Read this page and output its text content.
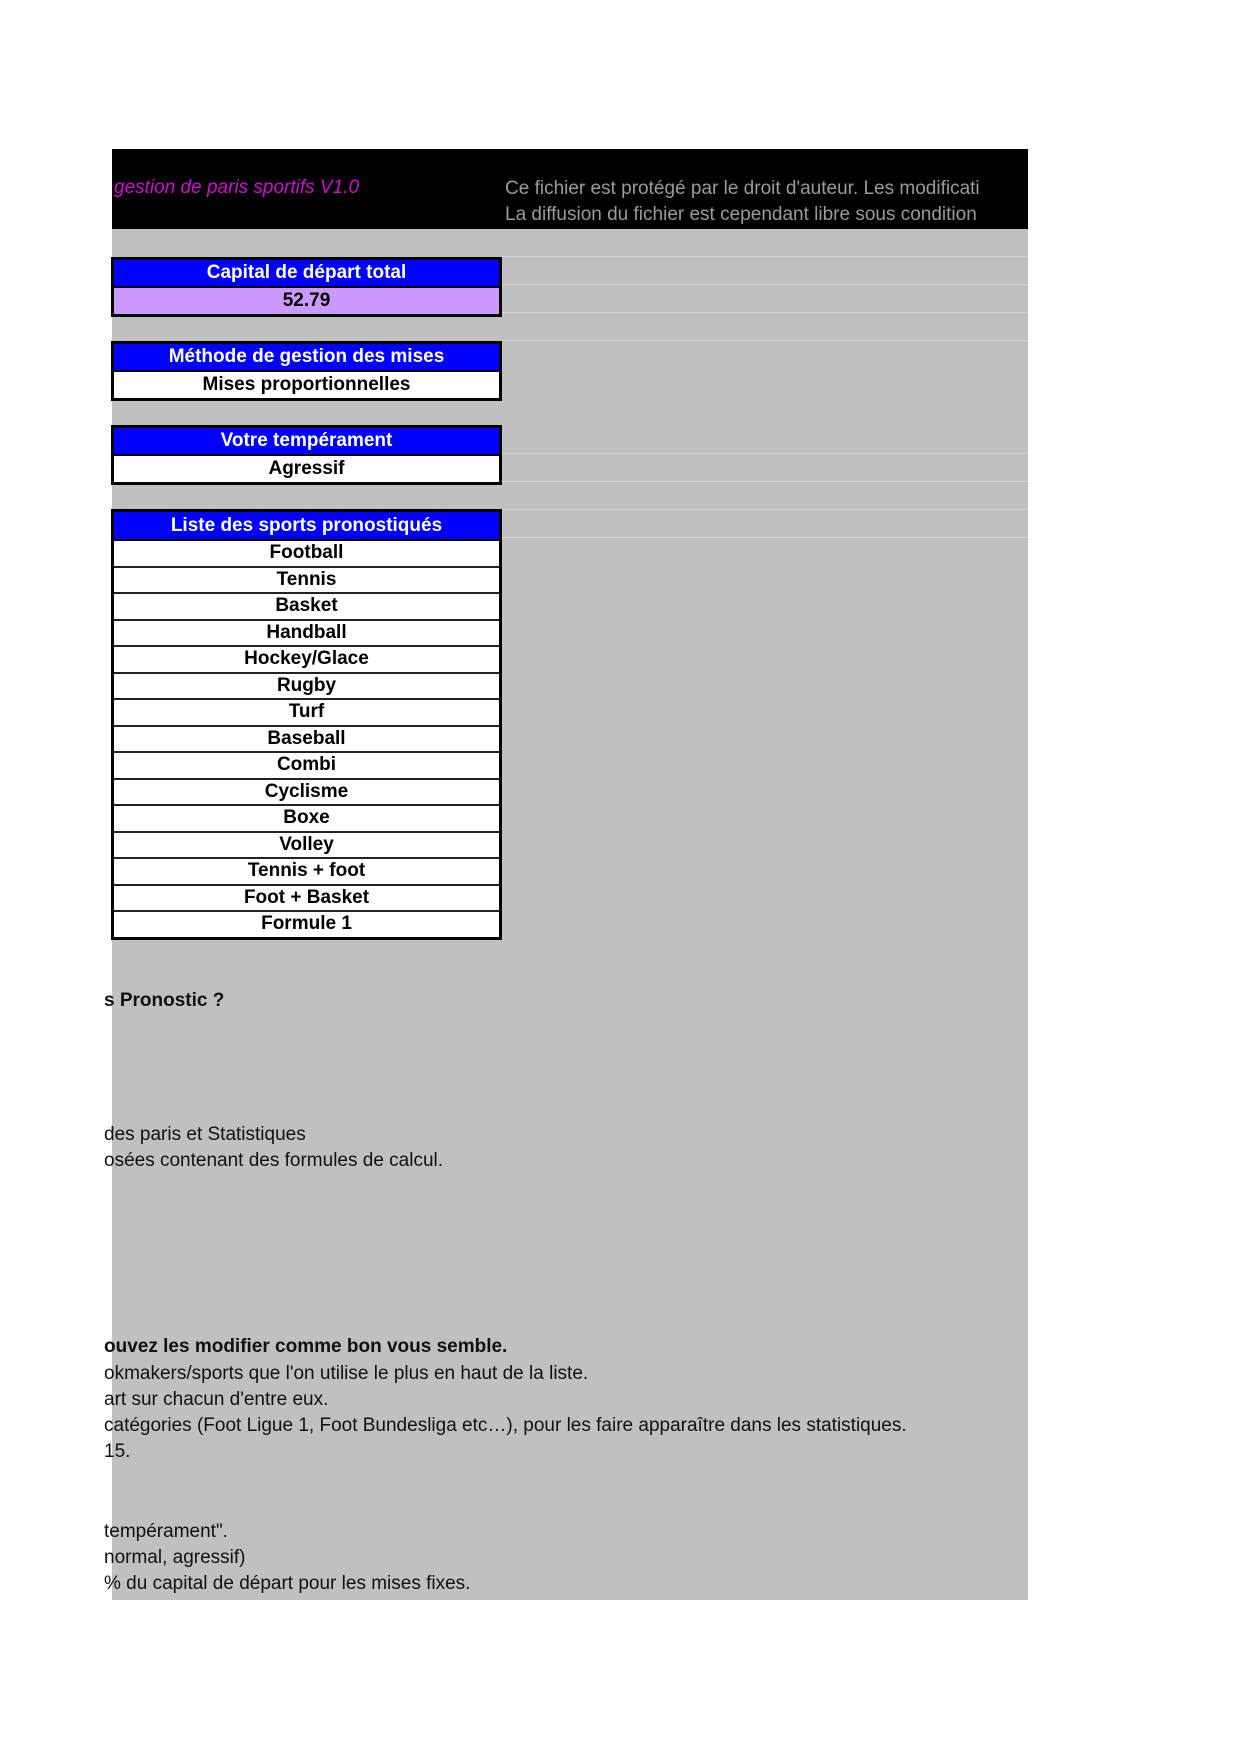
gestion de paris sportifs V1.0	Ce fichier est protégé par le droit d'auteur. Les modificati
La diffusion du fichier est cependant libre sous condition
Capital de départ total
52.79
Méthode de gestion des mises
Mises proportionnelles
Votre tempérament
Agressif
Liste des sports pronostiqués
Football
Tennis
Basket
Handball
Hockey/Glace
Rugby
Turf
Baseball
Combi
Cyclisme
Boxe
Volley
Tennis + foot
Foot + Basket
Formule 1
s Pronostic ?
des paris et Statistiques
osées contenant des formules de calcul.
ouvez les modifier comme bon vous semble.
okmakers/sports que l'on utilise le plus en haut de la liste.
art sur chacun d'entre eux.
catégories (Foot Ligue 1, Foot Bundesliga etc…), pour les faire apparaître dans les statistiques.
15.
tempérament".
normal, agressif)
% du capital de départ pour les mises fixes.
